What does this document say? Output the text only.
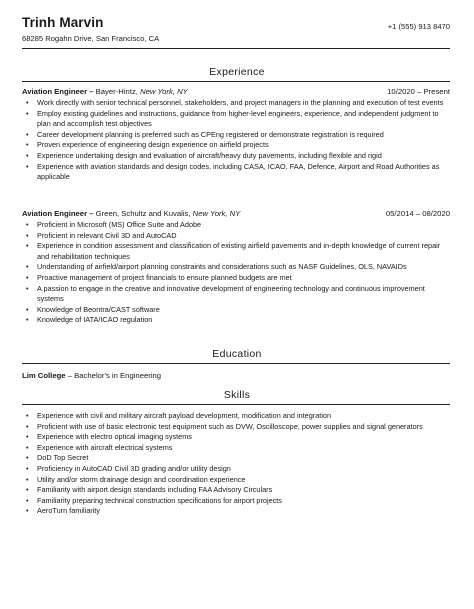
Trinh Marvin	+1 (555) 913 8470
68285 Rogahn Drive, San Francisco, CA
Experience
Aviation Engineer – Bayer-Hintz, New York, NY	10/2020 – Present
• Work directly with senior technical personnel, stakeholders, and project managers in the planning and execution of test events
• Employ existing guidelines and instructions, guidance from higher-level engineers, experience, and independent judgment to plan and accomplish test objectives
• Career development planning is preferred such as CPEng registered or demonstrate registration is required
• Proven experience of engineering design experience on airfield projects
• Experience undertaking design and evaluation of aircraft/heavy duty pavements, including flexible and rigid
• Experience with aviation standards and design codes, including CASA, ICAO, FAA, Defence, Airport and Road Authorities as applicable
Aviation Engineer – Green, Schultz and Kuvalis, New York, NY	05/2014 – 08/2020
• Proficient in Microsoft (MS) Office Suite and Adobe
• Proficient in relevant Civil 3D and AutoCAD
• Experience in condition assessment and classification of existing airfield pavements and in-depth knowledge of current repair and rehabilitation techniques
• Understanding of airfield/airport planning constraints and considerations such as NASF Guidelines, OLS, NAVAIDs
• Proactive management of project financials to ensure planned budgets are met
• A passion to engage in the creative and innovative development of engineering technology and continuous improvement systems
• Knowledge of Beontra/CAST software
• Knowledge of IATA/ICAO regulation
Education
Lim College – Bachelor's in Engineering
Skills
• Experience with civil and military aircraft payload development, modification and integration
• Proficient with use of basic electronic test equipment such as DVW, Oscilloscope, power supplies and signal generators
• Experience with electro optical imaging systems
• Experience with aircraft electrical systems
• DoD Top Secret
• Proficiency in AutoCAD Civil 3D grading and/or utility design
• Utility and/or storm drainage design and coordination experience
• Familiarity with airport design standards including FAA Advisory Circulars
• Familiarity preparing technical construction specifications for airport projects
• AeroTurn familiarity
